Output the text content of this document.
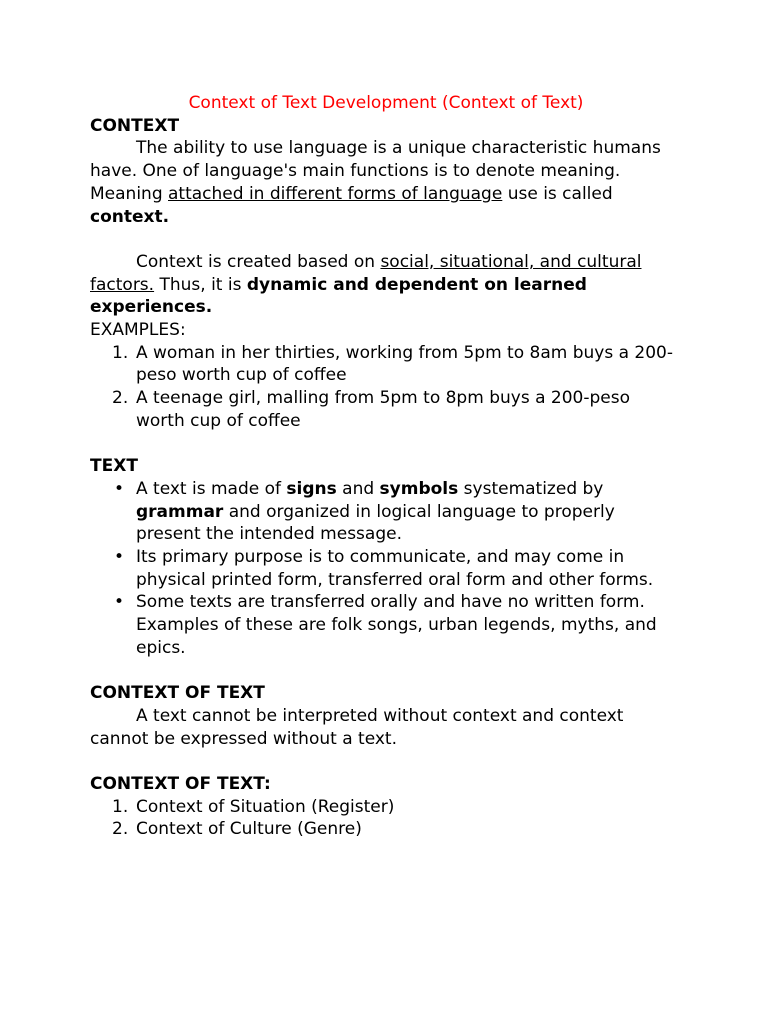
Context of Text Development (Context of Text)

CONTEXT

The ability to use language is a unique characteristic humans have. One of language's main functions is to denote meaning. Meaning attached in different forms of language use is called context.

Context is created based on social, situational, and cultural factors. Thus, it is dynamic and dependent on learned experiences.

EXAMPLES:

1. A woman in her thirties, working from 5pm to 8am buys a 200-peso worth cup of coffee
2. A teenage girl, malling from 5pm to 8pm buys a 200-peso worth cup of coffee

TEXT

• A text is made of signs and symbols systematized by grammar and organized in logical language to properly present the intended message.
• Its primary purpose is to communicate, and may come in physical printed form, transferred oral form and other forms.
• Some texts are transferred orally and have no written form. Examples of these are folk songs, urban legends, myths, and epics.

CONTEXT OF TEXT

A text cannot be interpreted without context and context cannot be expressed without a text.

CONTEXT OF TEXT:

1. Context of Situation (Register)
2. Context of Culture (Genre)
